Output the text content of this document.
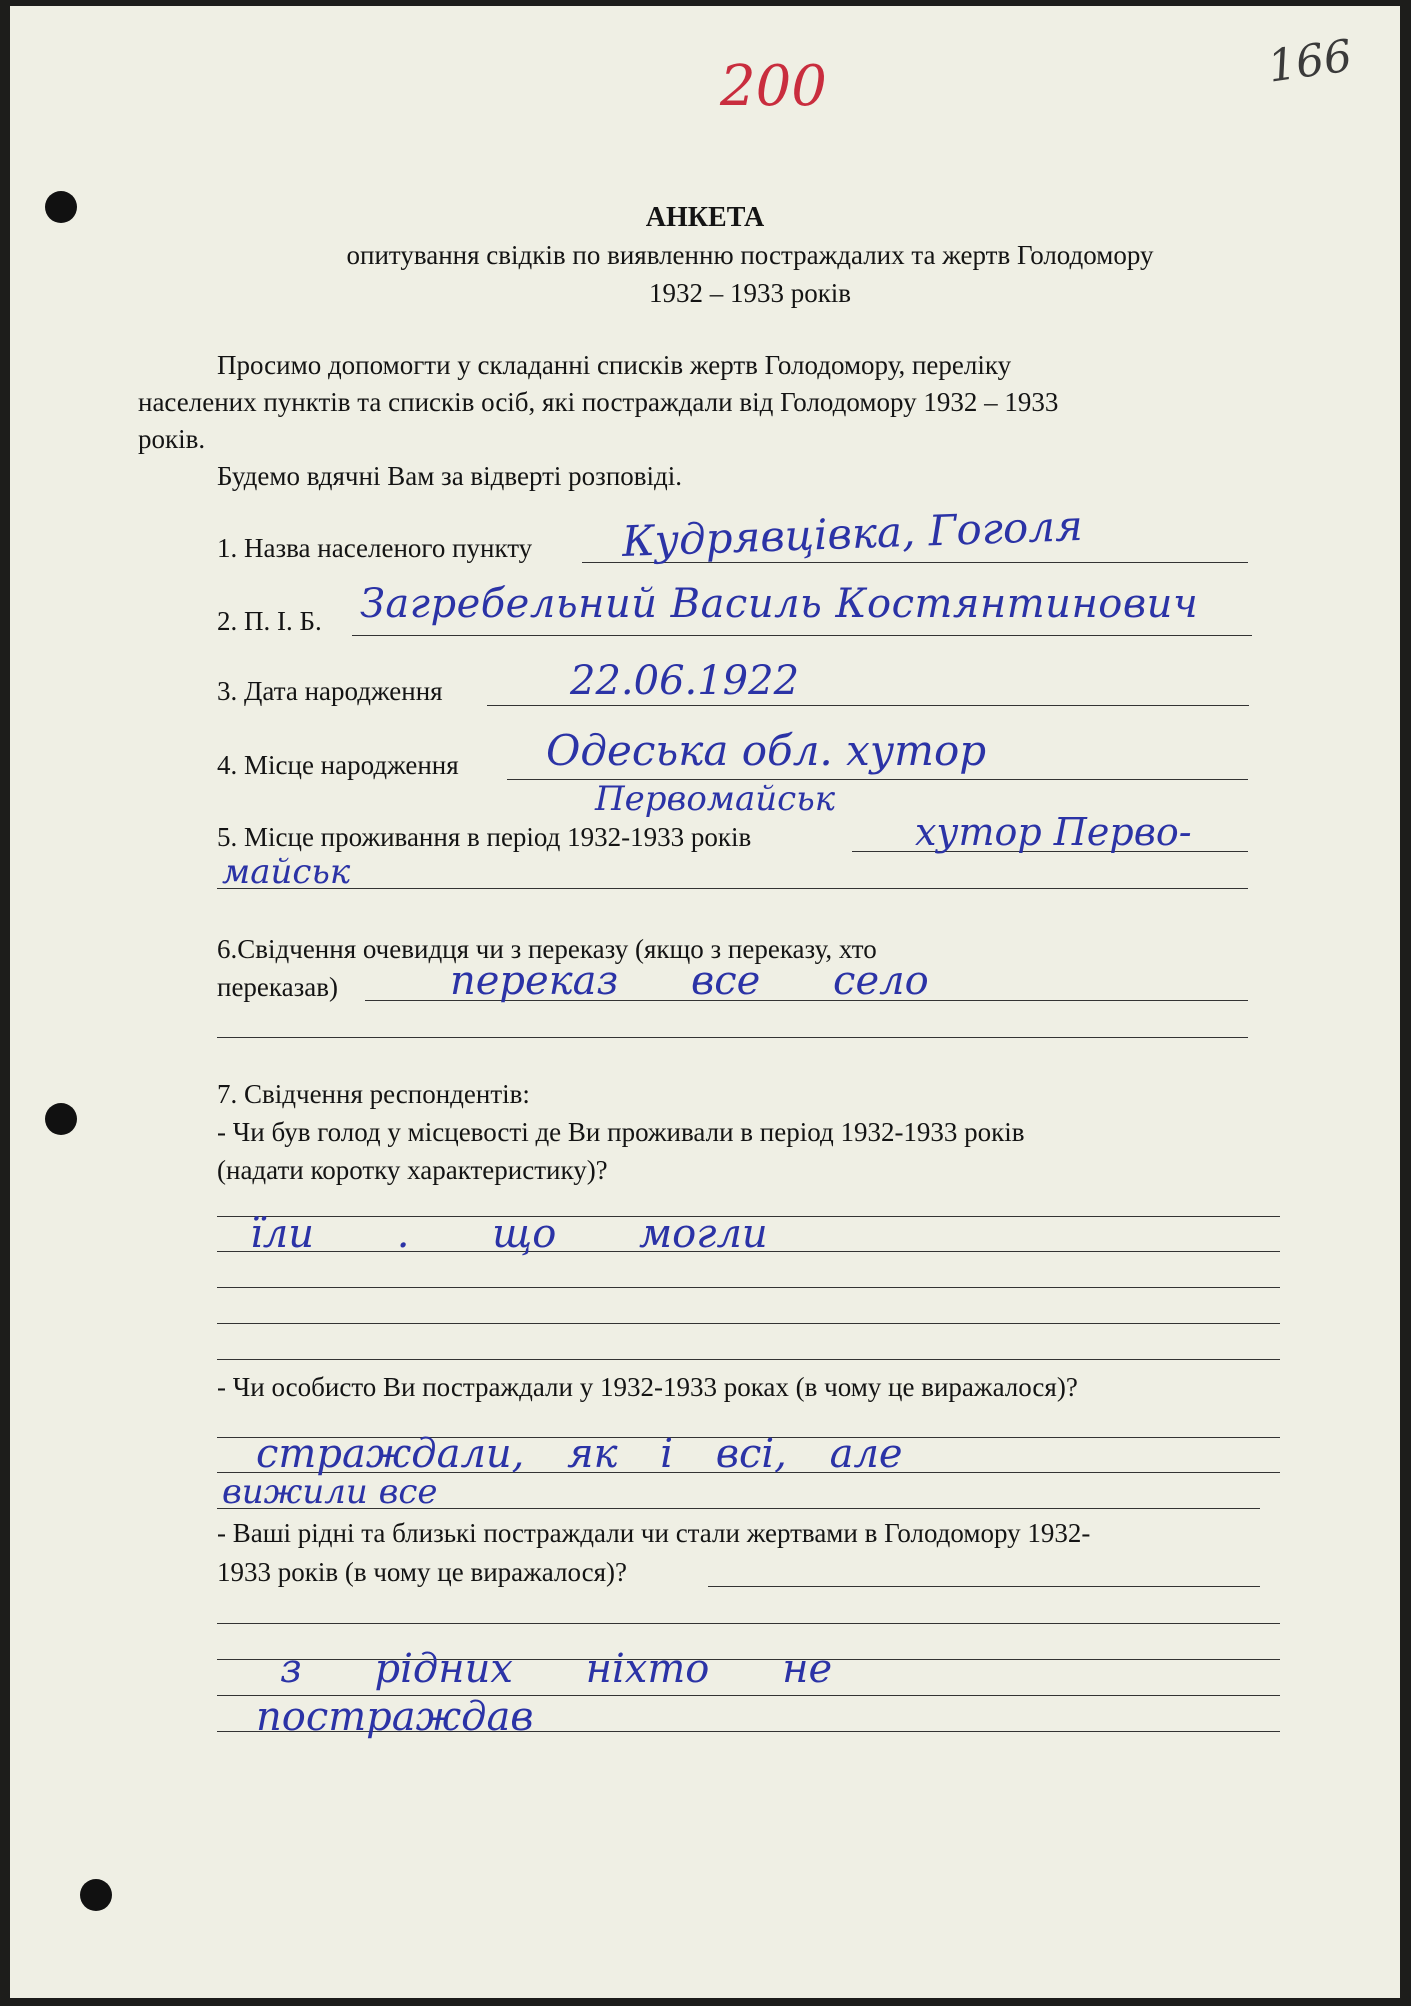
200	166
АНКЕТА
опитування свідків по виявленню постраждалих та жертв Голодомору
1932 – 1933 років
Просимо допомогти у складанні списків жертв Голодомору, переліку
населених пунктів та списків осіб, які постраждали від Голодомору 1932 – 1933
років.
Будемо вдячні Вам за відверті розповіді.
1. Назва населеного пункту Кудрявцівка, Гоголя
2. П. І. Б. Загребельний Василь Костянтинович
3. Дата народження	22.06.1922
4. Місце народження Одеська обл. хутор
Первомайськ
5. Місце проживання в період 1932-1933 років	хутор Перво-
майськ
6.Свідчення очевидця чи з переказу (якщо з переказу, хто
переказав)	переказ все село
7. Свідчення респондентів:
- Чи був голод у місцевості де Ви проживали в період 1932-1933 років
(надати коротку характеристику)?
їли . що могли
- Чи особисто Ви постраждали у 1932-1933 роках (в чому це виражалося)?
страждали, як і всі, але
вижили все
- Ваші рідні та близькі постраждали чи стали жертвами в Голодомору 1932-
1933 років (в чому це виражалося)?
з рідних ніхто не
постраждав
